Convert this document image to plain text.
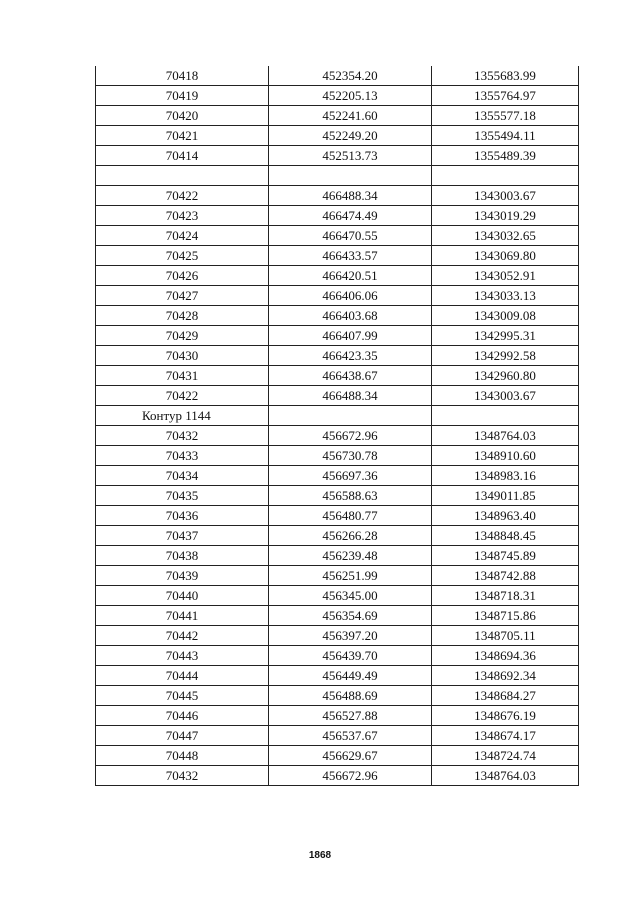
70418	452354.20	1355683.99
70419	452205.13	1355764.97
70420	452241.60	1355577.18
70421	452249.20	1355494.11
70414	452513.73	1355489.39

70422	466488.34	1343003.67
70423	466474.49	1343019.29
70424	466470.55	1343032.65
70425	466433.57	1343069.80
70426	466420.51	1343052.91
70427	466406.06	1343033.13
70428	466403.68	1343009.08
70429	466407.99	1342995.31
70430	466423.35	1342992.58
70431	466438.67	1342960.80
70422	466488.34	1343003.67
Контур 1144		
70432	456672.96	1348764.03
70433	456730.78	1348910.60
70434	456697.36	1348983.16
70435	456588.63	1349011.85
70436	456480.77	1348963.40
70437	456266.28	1348848.45
70438	456239.48	1348745.89
70439	456251.99	1348742.88
70440	456345.00	1348718.31
70441	456354.69	1348715.86
70442	456397.20	1348705.11
70443	456439.70	1348694.36
70444	456449.49	1348692.34
70445	456488.69	1348684.27
70446	456527.88	1348676.19
70447	456537.67	1348674.17
70448	456629.67	1348724.74
70432	456672.96	1348764.03
1868
